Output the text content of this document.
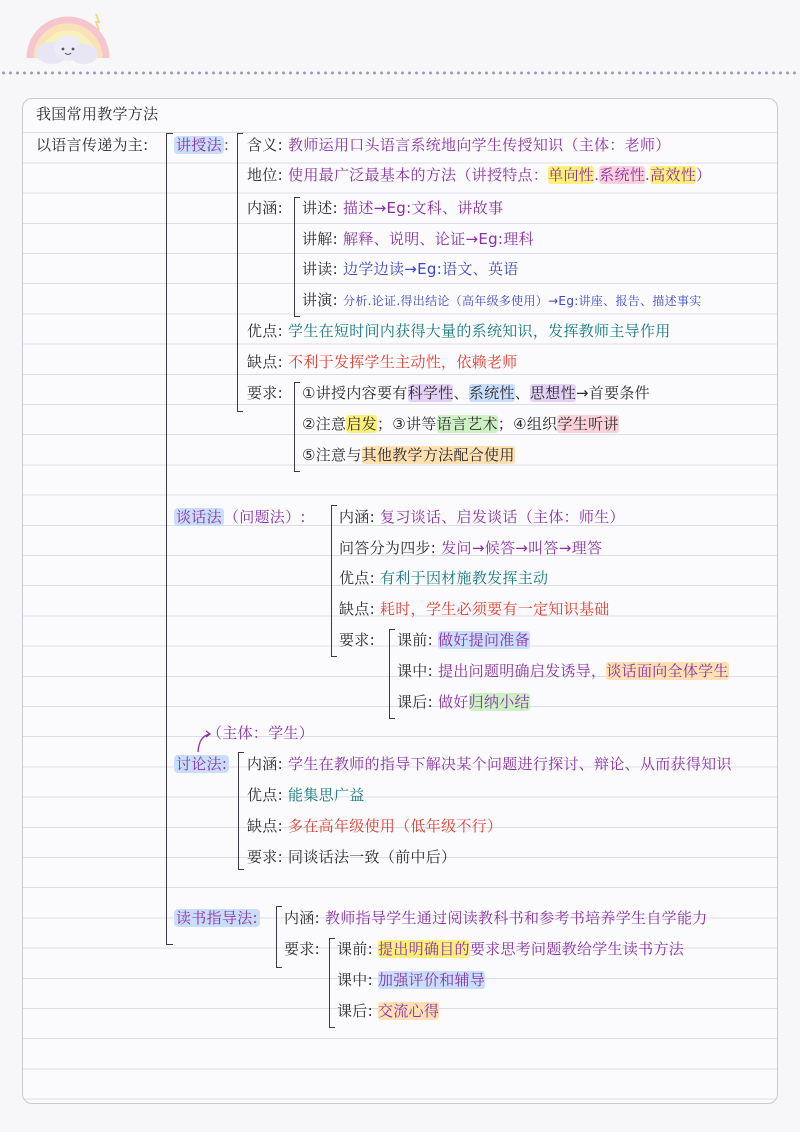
我国常用教学方法
以语言传递为主: 讲授法 : 含义: 教师运用口头语言系统地向学生传授知识（主体：老师）
地位: 使用最广泛最基本的方法（讲授特点：单向性.系统性.高效性）
内涵: 讲述: 描述→Eg:文科、讲故事
讲解: 解释、说明、论证→Eg:理科
讲读: 边学边读→Eg:语文、英语
讲演: 分析.论证.得出结论（高年级多使用）→Eg:讲座、报告、描述事实
优点: 学生在短时间内获得大量的系统知识，发挥教师主导作用
缺点: 不利于发挥学生主动性，依赖老师
要求: ①讲授内容要有科学性、系统性、思想性→首要条件
②注意启发；③讲等语言艺术；④组织学生听讲
⑤注意与其他教学方法配合使用
谈话法 （问题法）: 内涵: 复习谈话、启发谈话（主体：师生）
问答分为四步: 发问→候答→叫答→理答
优点: 有利于因材施教发挥主动
缺点: 耗时，学生必须要有一定知识基础
要求: 课前: 做好提问准备
课中: 提出问题明确启发诱导，谈话面向全体学生
课后: 做好归纳小结
（主体：学生）
讨论法: 内涵: 学生在教师的指导下解决某个问题进行探讨、辩论、从而获得知识
优点: 能集思广益
缺点: 多在高年级使用（低年级不行）
要求: 同谈话法一致（前中后）
读书指导法: 内涵: 教师指导学生通过阅读教科书和参考书培养学生自学能力
要求: 课前: 提出明确目的要求思考问题教给学生读书方法
课中: 加强评价和辅导
课后: 交流心得
